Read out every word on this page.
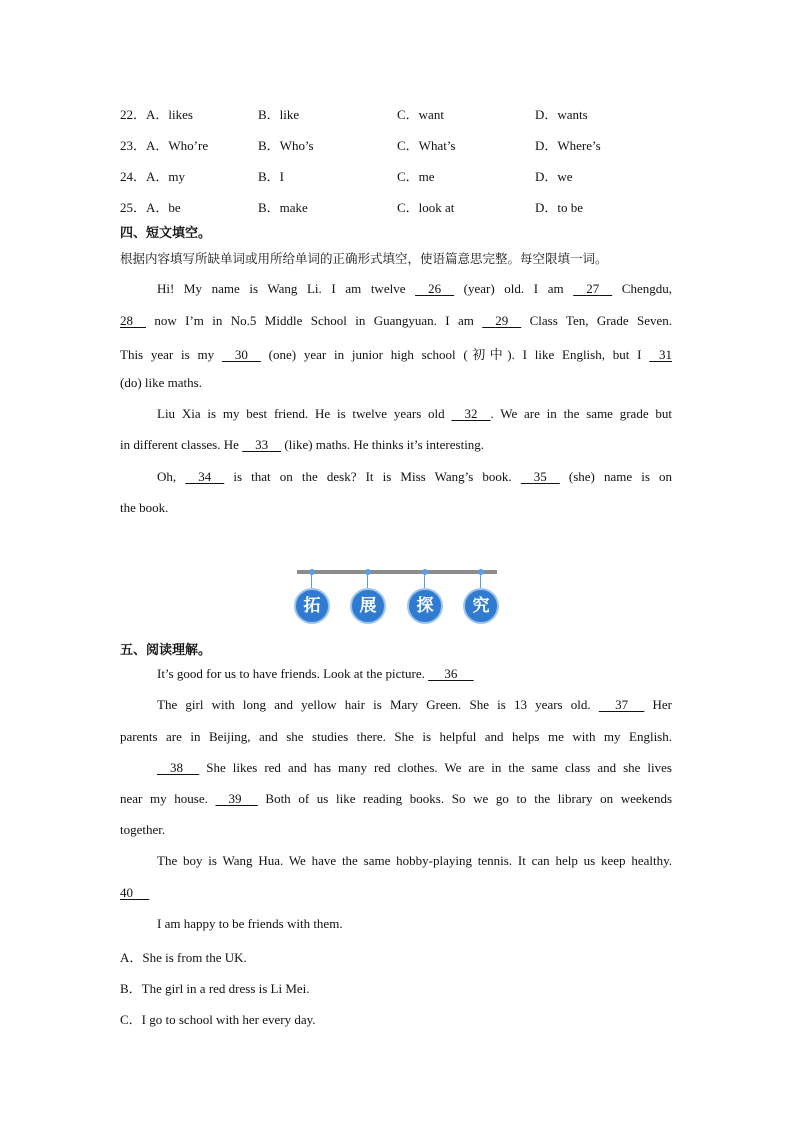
22．A．likes	B．like	C．want	D．wants
23．A．Who’re	B．Who’s	C．What’s	D．Where’s
24．A．my	B．I	C．me	D．we
25．A．be	B．make	C．look at	D．to be
四、短文填空。
根据内容填写所缺单词或用所给单词的正确形式填空，使语篇意思完整。每空限填一词。
Hi! My name is Wang Li. I am twelve     26     (year) old. I am     27     Chengdu,
28     now I’m in No.5 Middle School in Guangyuan. I am     29     Class Ten, Grade Seven.
This year is my     30     (one) year in junior high school (初中). I like English, but I    31
(do) like maths.
Liu Xia is my best friend. He is twelve years old     32 . We are in the same grade but
in different classes. He     33     (like) maths. He thinks it’s interesting.
Oh,     34     is that on the desk? It is Miss Wang’s book.     35     (she) name is on
the book.
拓	展	探	究
五、阅读理解。
It’s good for us to have friends. Look at the picture.      36
The girl with long and yellow hair is Mary Green. She is 13 years old.      37      Her
parents are in Beijing, and she studies there. She is helpful and helps me with my English.
38      She likes red and has many red clothes. We are in the same class and she lives
near my house.     39      Both of us like reading books. So we go to the library on weekends
together.
The boy is Wang Hua. We have the same hobby-playing tennis. It can help us keep healthy.
40
I am happy to be friends with them.
A．She is from the UK.
B．The girl in a red dress is Li Mei.
C．I go to school with her every day.
